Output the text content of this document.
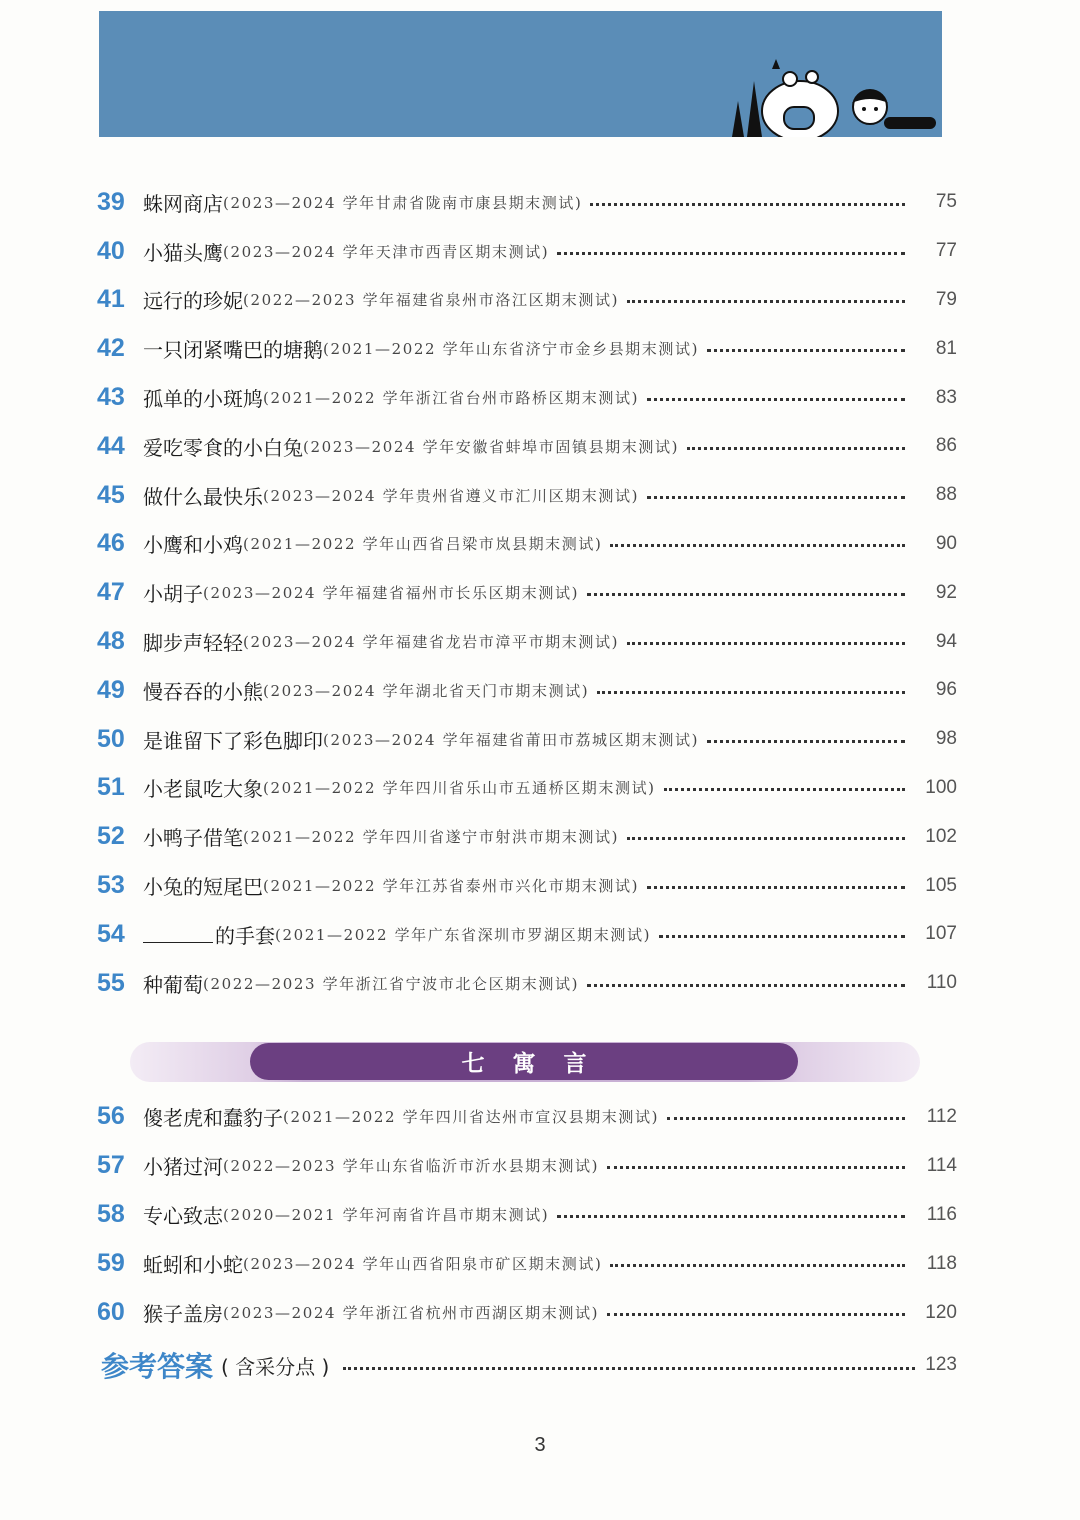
39 蛛网商店 (2023—2024 学年甘肃省陇南市康县期末测试)	75
40 小猫头鹰 (2023—2024 学年天津市西青区期末测试)	77
41 远行的珍妮 (2022—2023 学年福建省泉州市洛江区期末测试)	79
42 一只闭紧嘴巴的塘鹅 (2021—2022 学年山东省济宁市金乡县期末测试)	81
43 孤单的小斑鸠 (2021—2022 学年浙江省台州市路桥区期末测试)	83
44 爱吃零食的小白兔 (2023—2024 学年安徽省蚌埠市固镇县期末测试)	86
45 做什么最快乐 (2023—2024 学年贵州省遵义市汇川区期末测试)	88
46 小鹰和小鸡 (2021—2022 学年山西省吕梁市岚县期末测试)	90
47 小胡子 (2023—2024 学年福建省福州市长乐区期末测试)	92
48 脚步声轻轻 (2023—2024 学年福建省龙岩市漳平市期末测试)	94
49 慢吞吞的小熊 (2023—2024 学年湖北省天门市期末测试)	96
50 是谁留下了彩色脚印 (2023—2024 学年福建省莆田市荔城区期末测试)	98
51 小老鼠吃大象 (2021—2022 学年四川省乐山市五通桥区期末测试)	100
52 小鸭子借笔 (2021—2022 学年四川省遂宁市射洪市期末测试)	102
53 小兔的短尾巴 (2021—2022 学年江苏省泰州市兴化市期末测试)	105
54	的手套 (2021—2022 学年广东省深圳市罗湖区期末测试)	107
55 种葡萄 (2022—2023 学年浙江省宁波市北仑区期末测试)	110
七寓言
56 傻老虎和蠢豹子 (2021—2022 学年四川省达州市宣汉县期末测试)	112
57 小猪过河 (2022—2023 学年山东省临沂市沂水县期末测试)	114
58 专心致志 (2020—2021 学年河南省许昌市期末测试)	116
59 蚯蚓和小蛇 (2023—2024 学年山西省阳泉市矿区期末测试)	118
60 猴子盖房 (2023—2024 学年浙江省杭州市西湖区期末测试)	120
参考答案 ( 含采分点 )	123
3
